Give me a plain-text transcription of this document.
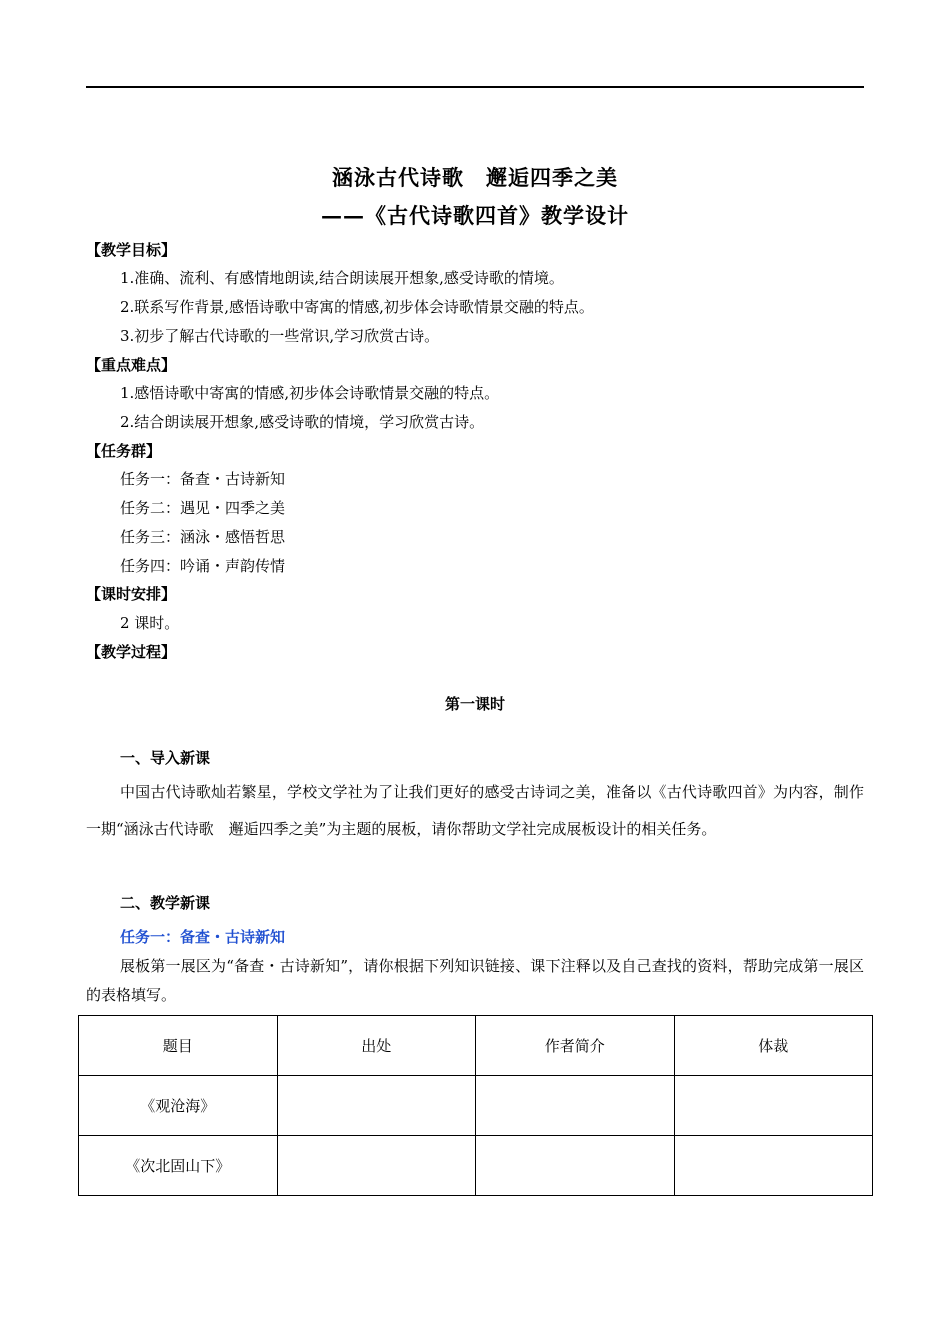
涵泳古代诗歌　邂逅四季之美
——《古代诗歌四首》教学设计
【教学目标】
1.准确、流利、有感情地朗读,结合朗读展开想象,感受诗歌的情境。
2.联系写作背景,感悟诗歌中寄寓的情感,初步体会诗歌情景交融的特点。
3.初步了解古代诗歌的一些常识,学习欣赏古诗。
【重点难点】
1.感悟诗歌中寄寓的情感,初步体会诗歌情景交融的特点。
2.结合朗读展开想象,感受诗歌的情境，学习欣赏古诗。
【任务群】
任务一：备查・古诗新知
任务二：遇见・四季之美
任务三：涵泳・感悟哲思
任务四：吟诵・声韵传情
【课时安排】
2 课时。
【教学过程】
第一课时
一、导入新课
中国古代诗歌灿若繁星，学校文学社为了让我们更好的感受古诗词之美，准备以《古代诗歌四首》为内容，制作一期“涵泳古代诗歌　邂逅四季之美”为主题的展板，请你帮助文学社完成展板设计的相关任务。
二、教学新课
任务一：备查・古诗新知
展板第一展区为“备查・古诗新知”，请你根据下列知识链接、课下注释以及自己查找的资料，帮助完成第一展区的表格填写。
题目	出处	作者简介	体裁
《观沧海》			
《次北固山下》			
